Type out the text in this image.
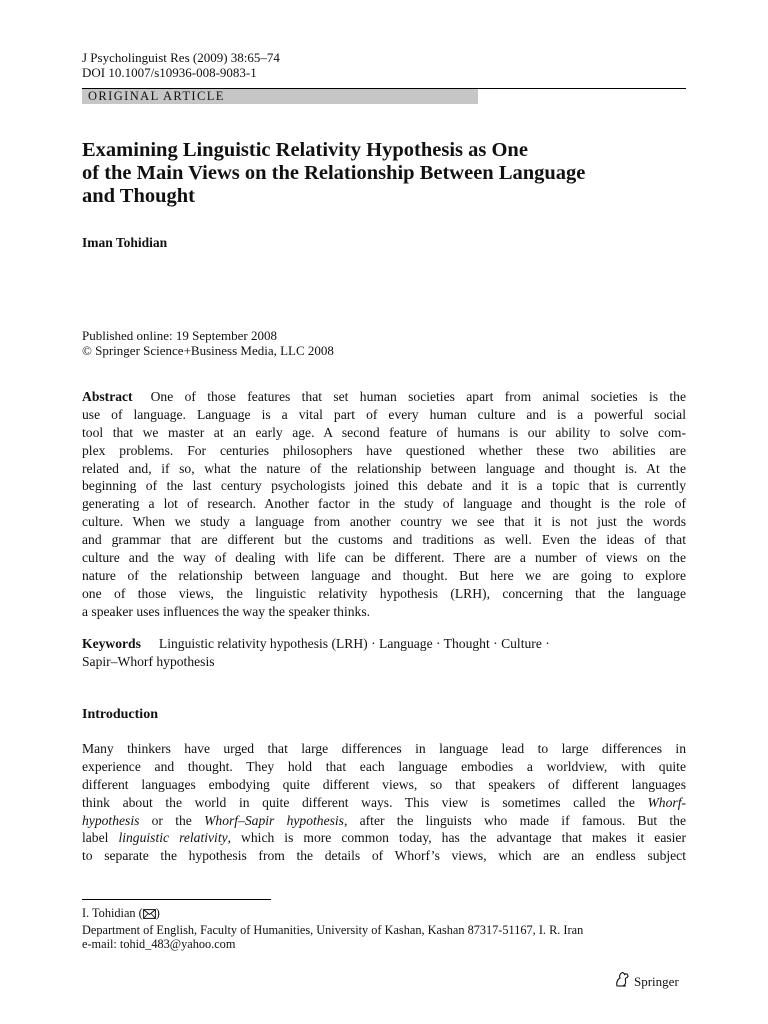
J Psycholinguist Res (2009) 38:65–74
DOI 10.1007/s10936-008-9083-1
ORIGINAL ARTICLE
Examining Linguistic Relativity Hypothesis as One
of the Main Views on the Relationship Between Language
and Thought
Iman Tohidian
Published online: 19 September 2008
© Springer Science+Business Media, LLC 2008
Abstract One of those features that set human societies apart from animal societies is the
use of language. Language is a vital part of every human culture and is a powerful social
tool that we master at an early age. A second feature of humans is our ability to solve com-
plex problems. For centuries philosophers have questioned whether these two abilities are
related and, if so, what the nature of the relationship between language and thought is. At the
beginning of the last century psychologists joined this debate and it is a topic that is currently
generating a lot of research. Another factor in the study of language and thought is the role of
culture. When we study a language from another country we see that it is not just the words
and grammar that are different but the customs and traditions as well. Even the ideas of that
culture and the way of dealing with life can be different. There are a number of views on the
nature of the relationship between language and thought. But here we are going to explore
one of those views, the linguistic relativity hypothesis (LRH), concerning that the language
a speaker uses influences the way the speaker thinks.
Keywords Linguistic relativity hypothesis (LRH) · Language · Thought · Culture ·
Sapir–Whorf hypothesis
Introduction
Many thinkers have urged that large differences in language lead to large differences in
experience and thought. They hold that each language embodies a worldview, with quite
different languages embodying quite different views, so that speakers of different languages
think about the world in quite different ways. This view is sometimes called the Whorf-
hypothesis or the Whorf–Sapir hypothesis, after the linguists who made if famous. But the
label linguistic relativity, which is more common today, has the advantage that makes it easier
to separate the hypothesis from the details of Whorf’s views, which are an endless subject
I. Tohidian ( )
Department of English, Faculty of Humanities, University of Kashan, Kashan 87317-51167, I. R. Iran
e-mail: tohid_483@yahoo.com
Springer
